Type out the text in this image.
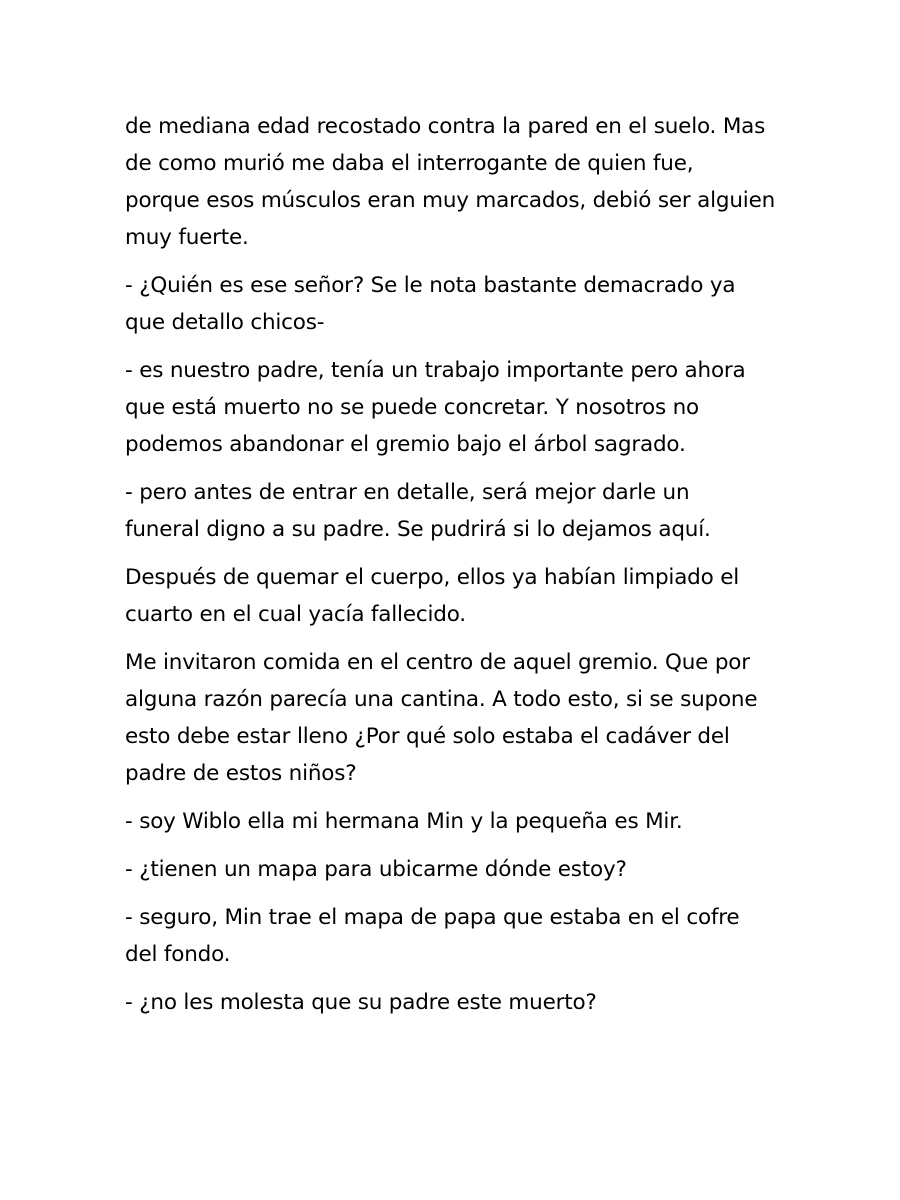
de mediana edad recostado contra la pared en el suelo. Mas
de como murió me daba el interrogante de quien fue,
porque esos músculos eran muy marcados, debió ser alguien
muy fuerte.

- ¿Quién es ese señor? Se le nota bastante demacrado ya
que detallo chicos-

- es nuestro padre, tenía un trabajo importante pero ahora
que está muerto no se puede concretar. Y nosotros no
podemos abandonar el gremio bajo el árbol sagrado.

- pero antes de entrar en detalle, será mejor darle un
funeral digno a su padre. Se pudrirá si lo dejamos aquí.

Después de quemar el cuerpo, ellos ya habían limpiado el
cuarto en el cual yacía fallecido.

Me invitaron comida en el centro de aquel gremio. Que por
alguna razón parecía una cantina. A todo esto, si se supone
esto debe estar lleno ¿Por qué solo estaba el cadáver del
padre de estos niños?

- soy Wiblo ella mi hermana Min y la pequeña es Mir.

- ¿tienen un mapa para ubicarme dónde estoy?

- seguro, Min trae el mapa de papa que estaba en el cofre
del fondo.

- ¿no les molesta que su padre este muerto?
